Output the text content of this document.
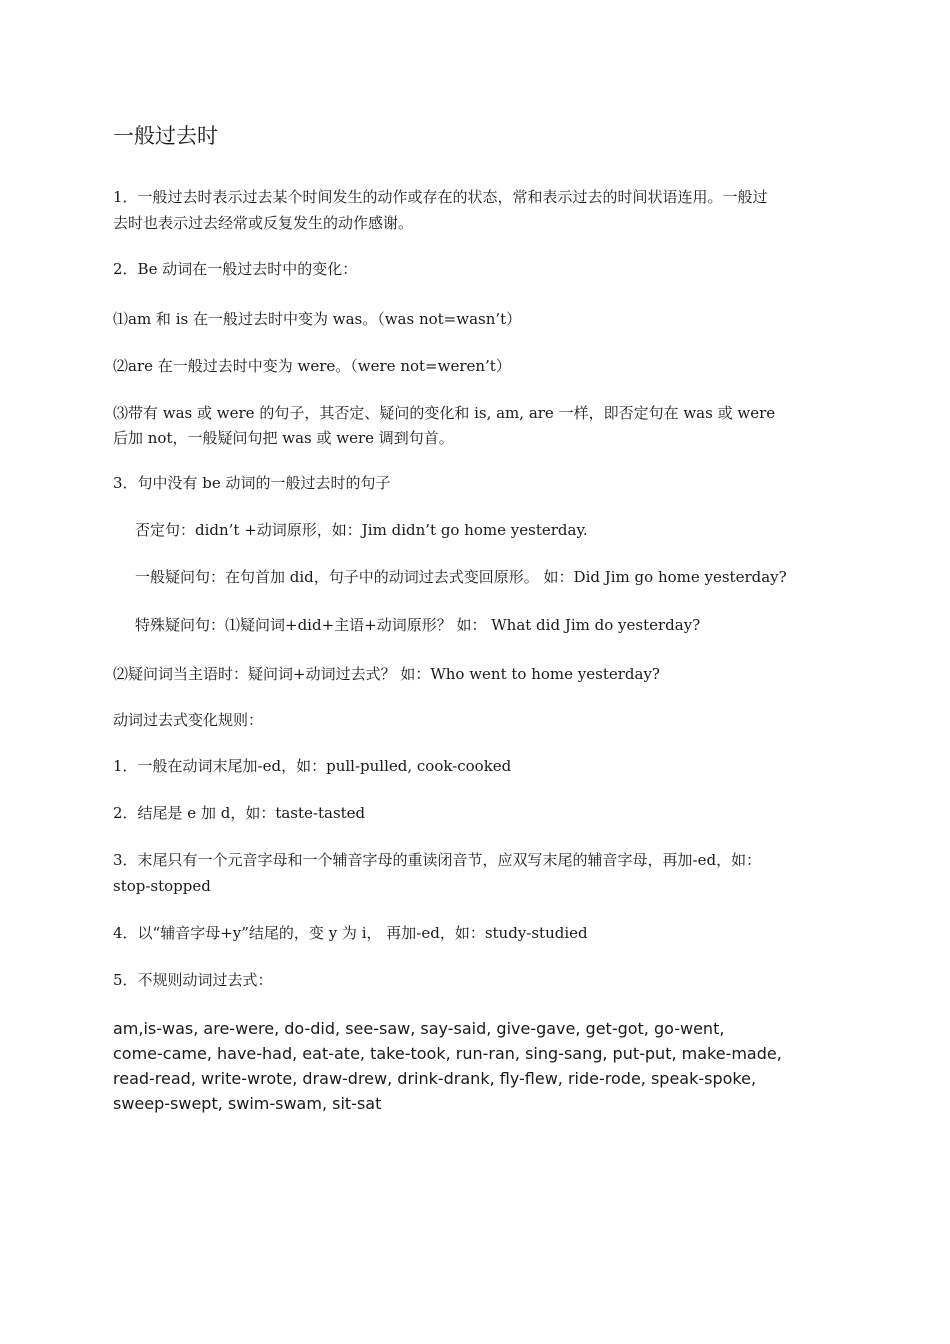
一般过去时
1．一般过去时表示过去某个时间发生的动作或存在的状态，常和表示过去的时间状语连用。一般过
去时也表示过去经常或反复发生的动作感谢。
2．Be 动词在一般过去时中的变化：
⑴am 和 is 在一般过去时中变为 was。（was not=wasn’t）
⑵are 在一般过去时中变为 were。（were not=weren’t）
⑶带有 was 或 were 的句子，其否定、疑问的变化和 is, am, are 一样，即否定句在 was 或 were
后加 not，一般疑问句把 was 或 were 调到句首。
3．句中没有 be 动词的一般过去时的句子
否定句：didn’t +动词原形，如：Jim didn’t go home yesterday.
一般疑问句：在句首加 did，句子中的动词过去式变回原形。 如：Did Jim go home yesterday?
特殊疑问句：⑴疑问词+did+主语+动词原形？ 如： What did Jim do yesterday?
⑵疑问词当主语时：疑问词+动词过去式？ 如：Who went to home yesterday?
动词过去式变化规则：
1．一般在动词末尾加-ed，如：pull-pulled, cook-cooked
2．结尾是 e 加 d，如：taste-tasted
3．末尾只有一个元音字母和一个辅音字母的重读闭音节，应双写末尾的辅音字母，再加-ed，如：
stop-stopped
4．以“辅音字母+y”结尾的，变 y 为 i， 再加-ed，如：study-studied
5．不规则动词过去式：
am,is-was, are-were, do-did, see-saw, say-said, give-gave, get-got, go-went,
come-came, have-had, eat-ate, take-took, run-ran, sing-sang, put-put, make-made,
read-read, write-wrote, draw-drew, drink-drank, fly-flew, ride-rode, speak-spoke,
sweep-swept, swim-swam, sit-sat
